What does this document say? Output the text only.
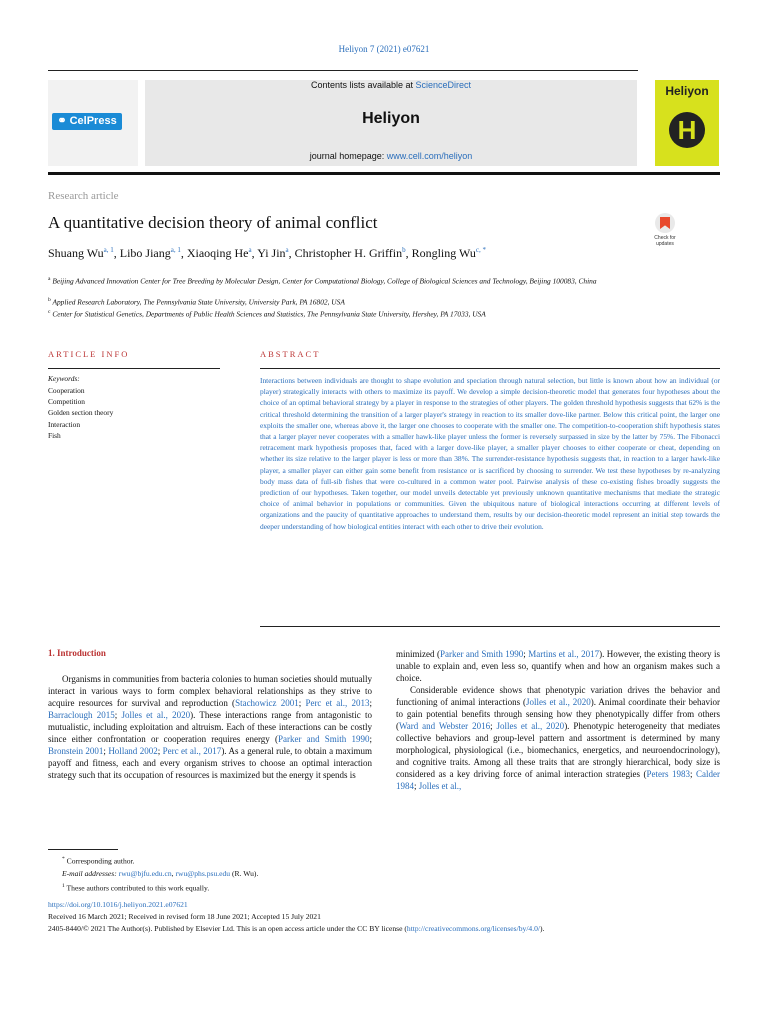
Heliyon 7 (2021) e07621
⚭ CelPress
Contents lists available at ScienceDirect
Heliyon
journal homepage: www.cell.com/heliyon
Heliyon
H
Research article
A quantitative decision theory of animal conflict
Check for updates
Shuang Wu$^{a, 1}$, Libo Jiang$^{a, 1}$, Xiaoqing He$^a$, Yi Jin$^a$, Christopher H. Griffin$^b$, Rongling $Wu^{c, *}$
$^a$ Beijing Advanced Innovation Center for Tree Breeding by Molecular Design, Center for Computational Biology, College of Biological Sciences and Technology, Beijing 100083, China
$^b$ Applied Research Laboratory, The Pennsylvania State University, University Park, PA 16802, USA
$^c$ Center for Statistical Genetics, Departments of Public Health Sciences and Statistics, The Pennsylvania State University, Hershey, PA 17033, USA
ARTICLE INFO
Keywords:
Cooperation
Competition
Golden section theory
Interaction
Fish
ABSTRACT
Interactions between individuals are thought to shape evolution and speciation through natural selection, but little is known about how an individual (or player) strategically interacts with others to maximize its payoff. We develop a simple decision-theoretic model that generates four hypotheses about the choice of an optimal behavioral strategy by a player in response to the strategies of other players. The golden threshold hypothesis suggests that 62% is the critical threshold determining the transition of a larger player's strategy in reaction to its smaller dove-like partner. Below this critical point, the larger one exploits the smaller one, whereas above it, the larger one chooses to cooperate with the smaller one. The competition-to-cooperation shift hypothesis states that a larger player never cooperates with a smaller hawk-like player unless the former is reversely surpassed in size by the latter by 75%. The Fibonacci retracement mark hypothesis proposes that, faced with a larger dove-like player, a smaller player chooses to either cooperate or cheat, depending on whether its size relative to the larger player is less or more than 38%. The surrender-resistance hypothesis suggests that, in reaction to a larger hawk-like player, a smaller player can either gain some benefit from resistance or is sacrificed by choosing to surrender. We test these hypotheses by re-analyzing body mass data of full-sib fishes that were co-cultured in a common water pool. Pairwise analysis of these co-existing fishes broadly suggests the prediction of our hypotheses. Taken together, our model unveils detectable yet previously unknown quantitative mechanisms that mediate the strategic choice of animal behavior in populations or communities. Given the ubiquitous nature of biological interactions occurring at different levels of organizations and the paucity of quantitative approaches to understand them, results by our decision-theoretic model represent an initial step towards the deeper understanding of how biological entities interact with each other to drive their evolution.
1. Introduction
Organisms in communities from bacteria colonies to human societies should mutually interact in various ways to form complex behavioral relationships as they strive to acquire resources for survival and reproduction (Stachowicz 2001; Perc et al., 2013; Barraclough 2015; Jolles et al., 2020). These interactions range from antagonistic to mutualistic, including exploitation and altruism. Each of these interactions can be costly since either confrontation or cooperation requires energy (Parker and Smith 1990; Bronstein 2001; Holland 2002; Perc et al., 2017). As a general rule, to obtain a maximum payoff and fitness, each and every organism strives to choose an optimal interaction strategy such that its occupation of resources is maximized but the energy it spends is
minimized (Parker and Smith 1990; Martins et al., 2017). However, the existing theory is unable to explain and, even less so, quantify when and how an organism makes such a choice.
Considerable evidence shows that phenotypic variation drives the behavior and functioning of animal interactions (Jolles et al., 2020). Animal coordinate their behavior to gain potential benefits through sensing how they phenotypically differ from others (Ward and Webster 2016; Jolles et al., 2020). Phenotypic heterogeneity that mediates collective behaviors and group-level pattern and assortment is determined by many morphological, physiological (i.e., biomechanics, energetics, and neuroendocrinology), and cognitive traits. Among all these traits that are strongly hierarchical, body size is considered as a key driving force of animal interaction strategies (Peters 1983; Calder 1984; Jolles et al.,
* Corresponding author.
E-mail addresses: rwu@bjfu.edu.cn, rwu@phs.psu.edu (R. Wu).
$^1$ These authors contributed to this work equally.
https://doi.org/10.1016/j.heliyon.2021.e07621
Received 16 March 2021; Received in revised form 18 June 2021; Accepted 15 July 2021
2405-8440/© 2021 The Author(s). Published by Elsevier Ltd. This is an open access article under the CC BY license (http://creativecommons.org/licenses/by/4.0/).
